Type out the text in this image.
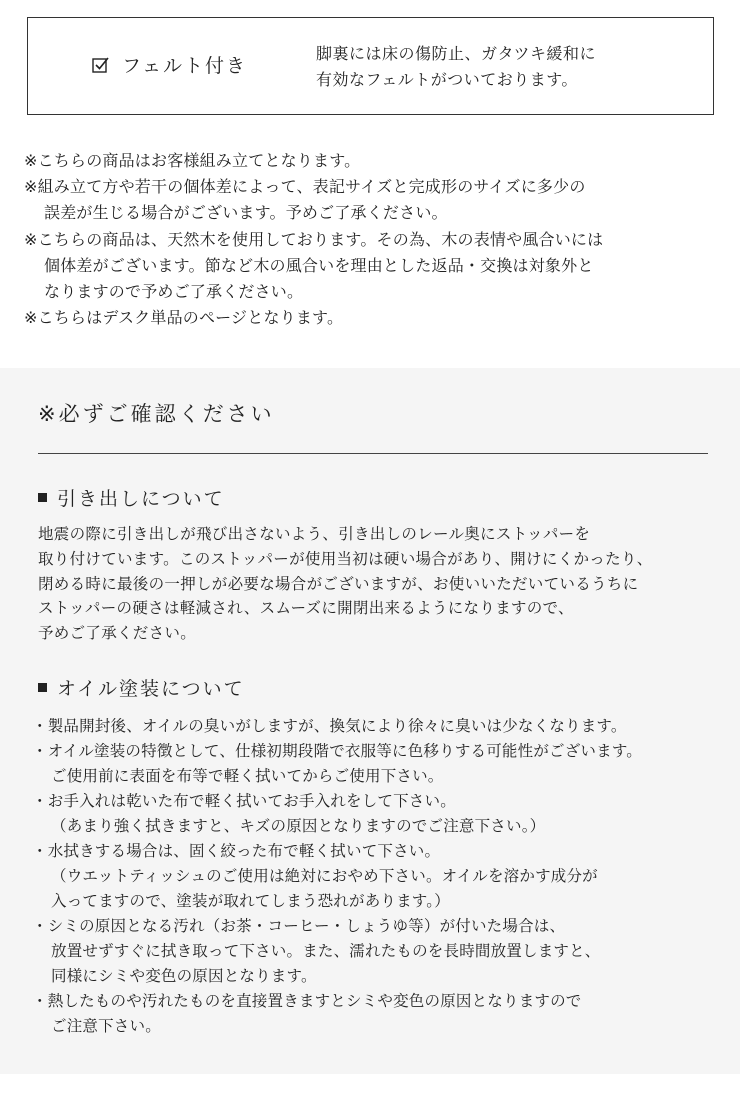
フェルト付き
脚裏には床の傷防止、ガタツキ緩和に
有効なフェルトがついております。
※こちらの商品はお客様組み立てとなります。
※組み立て方や若干の個体差によって、表記サイズと完成形のサイズに多少の
誤差が生じる場合がございます。予めご了承ください。
※こちらの商品は、天然木を使用しております。その為、木の表情や風合いには
個体差がございます。節など木の風合いを理由とした返品・交換は対象外と
なりますので予めご了承ください。
※こちらはデスク単品のページとなります。
※必ずご確認ください
引き出しについて
地震の際に引き出しが飛び出さないよう、引き出しのレール奥にストッパーを
取り付けています。このストッパーが使用当初は硬い場合があり、開けにくかったり、
閉める時に最後の一押しが必要な場合がございますが、お使いいただいているうちに
ストッパーの硬さは軽減され、スムーズに開閉出来るようになりますので、
予めご了承ください。
オイル塗装について
・製品開封後、オイルの臭いがしますが、換気により徐々に臭いは少なくなります。
・オイル塗装の特徴として、仕様初期段階で衣服等に色移りする可能性がございます。
ご使用前に表面を布等で軽く拭いてからご使用下さい。
・お手入れは乾いた布で軽く拭いてお手入れをして下さい。
（あまり強く拭きますと、キズの原因となりますのでご注意下さい。）
・水拭きする場合は、固く絞った布で軽く拭いて下さい。
（ウエットティッシュのご使用は絶対におやめ下さい。オイルを溶かす成分が
入ってますので、塗装が取れてしまう恐れがあります。）
・シミの原因となる汚れ（お茶・コーヒー・しょうゆ等）が付いた場合は、
放置せずすぐに拭き取って下さい。また、濡れたものを長時間放置しますと、
同様にシミや変色の原因となります。
・熱したものや汚れたものを直接置きますとシミや変色の原因となりますので
ご注意下さい。
